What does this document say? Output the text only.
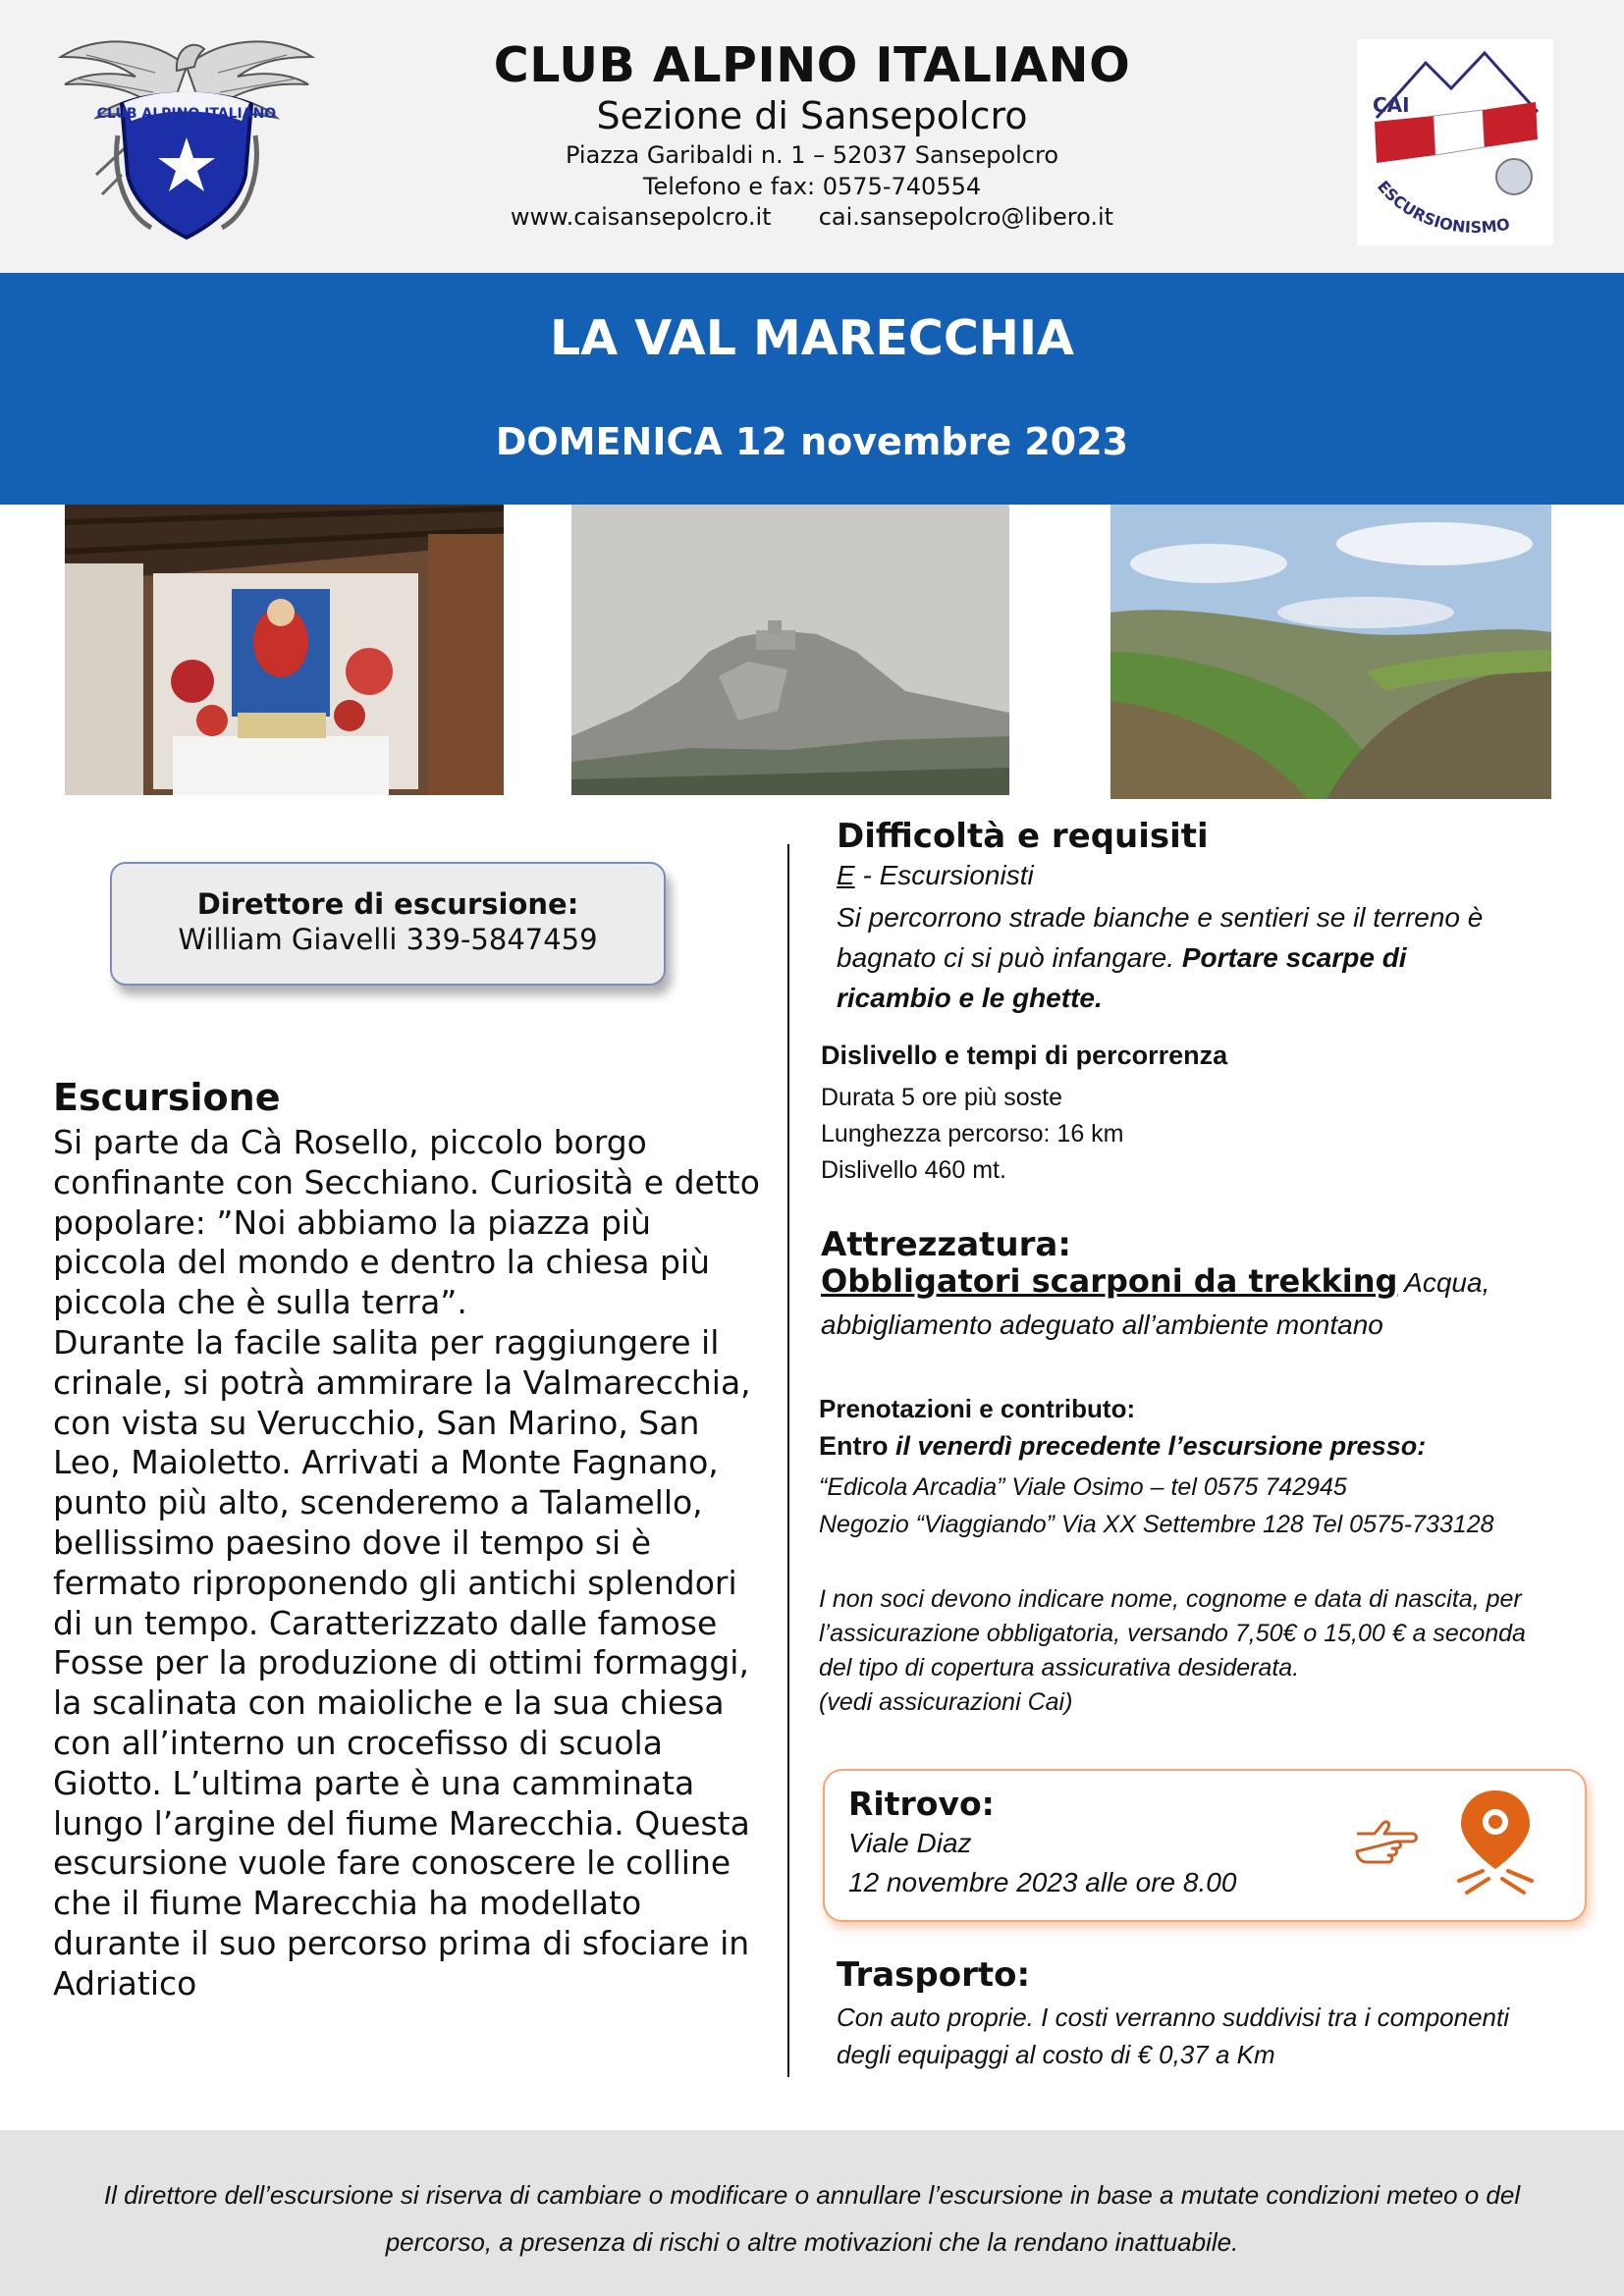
CLUB ALPINO ITALIANO
CLUB ALPINO ITALIANO
Sezione di Sansepolcro
Piazza Garibaldi n. 1 – 52037 Sansepolcro
Telefono e fax: 0575-740554
www.caisansepolcro.it cai.sansepolcro@libero.it
CAI
ESCURSIONISMO
LA VAL MARECCHIA
DOMENICA 12 novembre 2023
Direttore di escursione:
William Giavelli 339-5847459
Escursione
Si parte da Cà Rosello, piccolo borgo
confinante con Secchiano. Curiosità e detto
popolare: ”Noi abbiamo la piazza più
piccola del mondo e dentro la chiesa più
piccola che è sulla terra”.
Durante la facile salita per raggiungere il
crinale, si potrà ammirare la Valmarecchia,
con vista su Verucchio, San Marino, San
Leo, Maioletto. Arrivati a Monte Fagnano,
punto più alto, scenderemo a Talamello,
bellissimo paesino dove il tempo si è
fermato riproponendo gli antichi splendori
di un tempo. Caratterizzato dalle famose
Fosse per la produzione di ottimi formaggi,
la scalinata con maioliche e la sua chiesa
con all’interno un crocefisso di scuola
Giotto. L’ultima parte è una camminata
lungo l’argine del fiume Marecchia. Questa
escursione vuole fare conoscere le colline
che il fiume Marecchia ha modellato
durante il suo percorso prima di sfociare in
Adriatico
Difficoltà e requisiti
E - Escursionisti
Si percorrono strade bianche e sentieri se il terreno è
bagnato ci si può infangare. Portare scarpe di
ricambio e le ghette.
Dislivello e tempi di percorrenza
Durata 5 ore più soste
Lunghezza percorso: 16 km
Dislivello 460 mt.
Attrezzatura:
Obbligatori scarponi da trekking Acqua,
abbigliamento adeguato all’ambiente montano
Prenotazioni e contributo:
Entro il venerdì precedente l’escursione presso:
“Edicola Arcadia” Viale Osimo – tel 0575 742945
Negozio “Viaggiando” Via XX Settembre 128 Tel 0575-733128
I non soci devono indicare nome, cognome e data di nascita, per
l’assicurazione obbligatoria, versando 7,50€ o 15,00 € a seconda
del tipo di copertura assicurativa desiderata.
(vedi assicurazioni Cai)
Ritrovo:
Viale Diaz
12 novembre 2023 alle ore 8.00
Trasporto:
Con auto proprie. I costi verranno suddivisi tra i componenti
degli equipaggi al costo di € 0,37 a Km
Il direttore dell’escursione si riserva di cambiare o modificare o annullare l’escursione in base a mutate condizioni meteo o del
percorso, a presenza di rischi o altre motivazioni che la rendano inattuabile.
